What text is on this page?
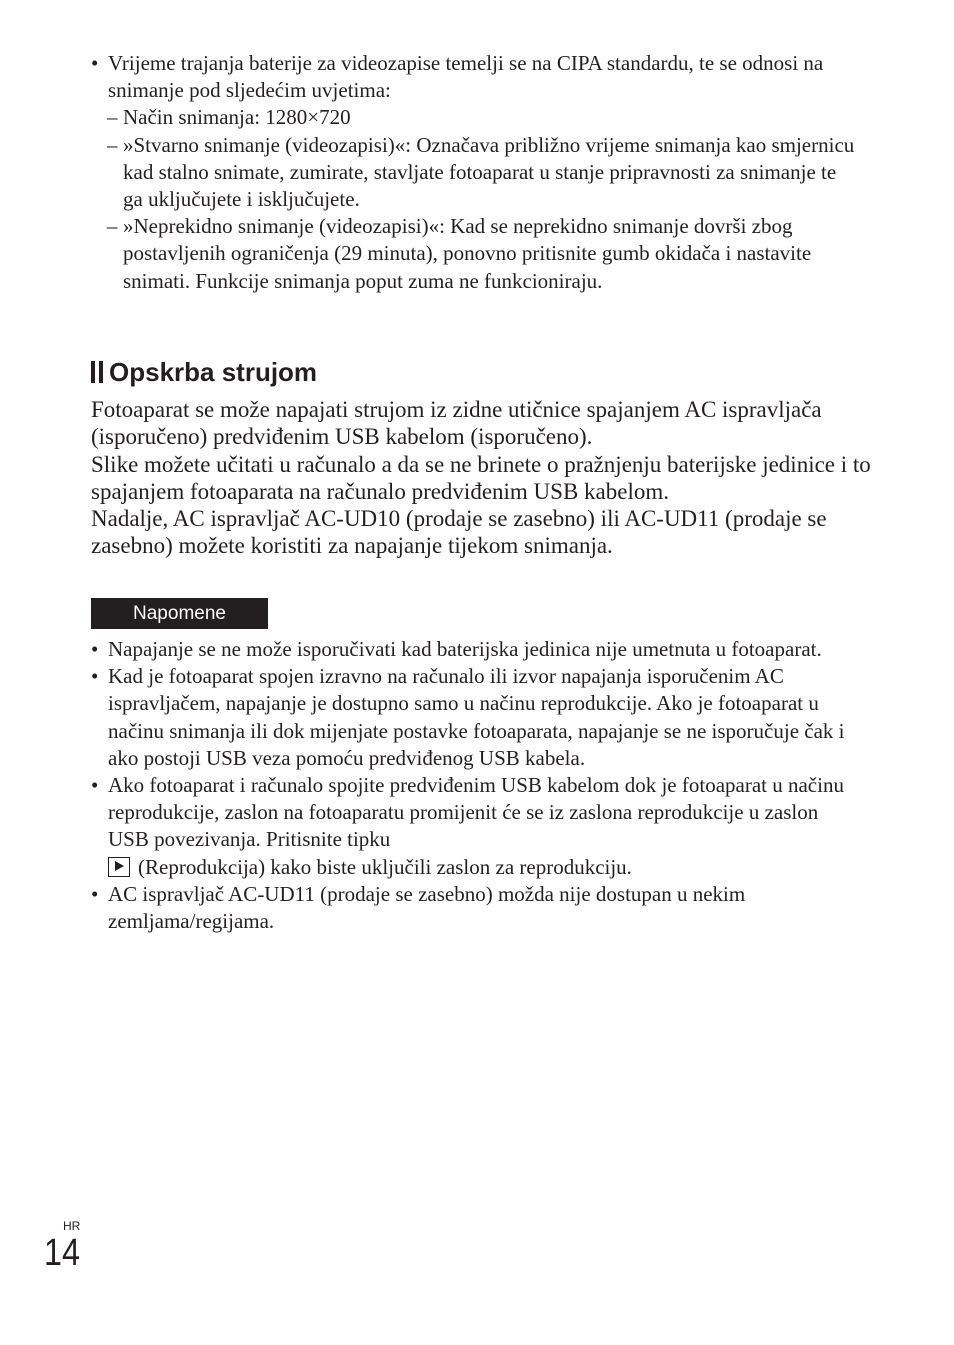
• Vrijeme trajanja baterije za videozapise temelji se na CIPA standardu, te se odnosi na snimanje pod sljedećim uvjetima:
– Način snimanja: 1280×720
– »Stvarno snimanje (videozapisi)«: Označava približno vrijeme snimanja kao smjernicu kad stalno snimate, zumirate, stavljate fotoaparat u stanje pripravnosti za snimanje te ga uključujete i isključujete.
– »Neprekidno snimanje (videozapisi)«: Kad se neprekidno snimanje dovrši zbog postavljenih ograničenja (29 minuta), ponovno pritisnite gumb okidača i nastavite snimati. Funkcije snimanja poput zuma ne funkcioniraju.
Opskrba strujom

Fotoaparat se može napajati strujom iz zidne utičnice spajanjem AC ispravljača (isporučeno) predviđenim USB kabelom (isporučeno).

Slike možete učitati u računalo a da se ne brinete o pražnjenju baterijske jedinice i to spajanjem fotoaparata na računalo predviđenim USB kabelom.

Nadalje, AC ispravljač AC-UD10 (prodaje se zasebno) ili AC-UD11 (prodaje se zasebno) možete koristiti za napajanje tijekom snimanja.

Napomene
• Napajanje se ne može isporučivati kad baterijska jedinica nije umetnuta u fotoaparat.
• Kad je fotoaparat spojen izravno na računalo ili izvor napajanja isporučenim AC ispravljačem, napajanje je dostupno samo u načinu reprodukcije. Ako je fotoaparat u načinu snimanja ili dok mijenjate postavke fotoaparata, napajanje se ne isporučuje čak i ako postoji USB veza pomoću predviđenog USB kabela.
• Ako fotoaparat i računalo spojite predviđenim USB kabelom dok je fotoaparat u načinu reprodukcije, zaslon na fotoaparatu promijenit će se iz zaslona reprodukcije u zaslon USB povezivanja. Pritisnite tipku
(Reprodukcija) kako biste uključili zaslon za reprodukciju.
• AC ispravljač AC-UD11 (prodaje se zasebno) možda nije dostupan u nekim zemljama/regijama.
HR
14
